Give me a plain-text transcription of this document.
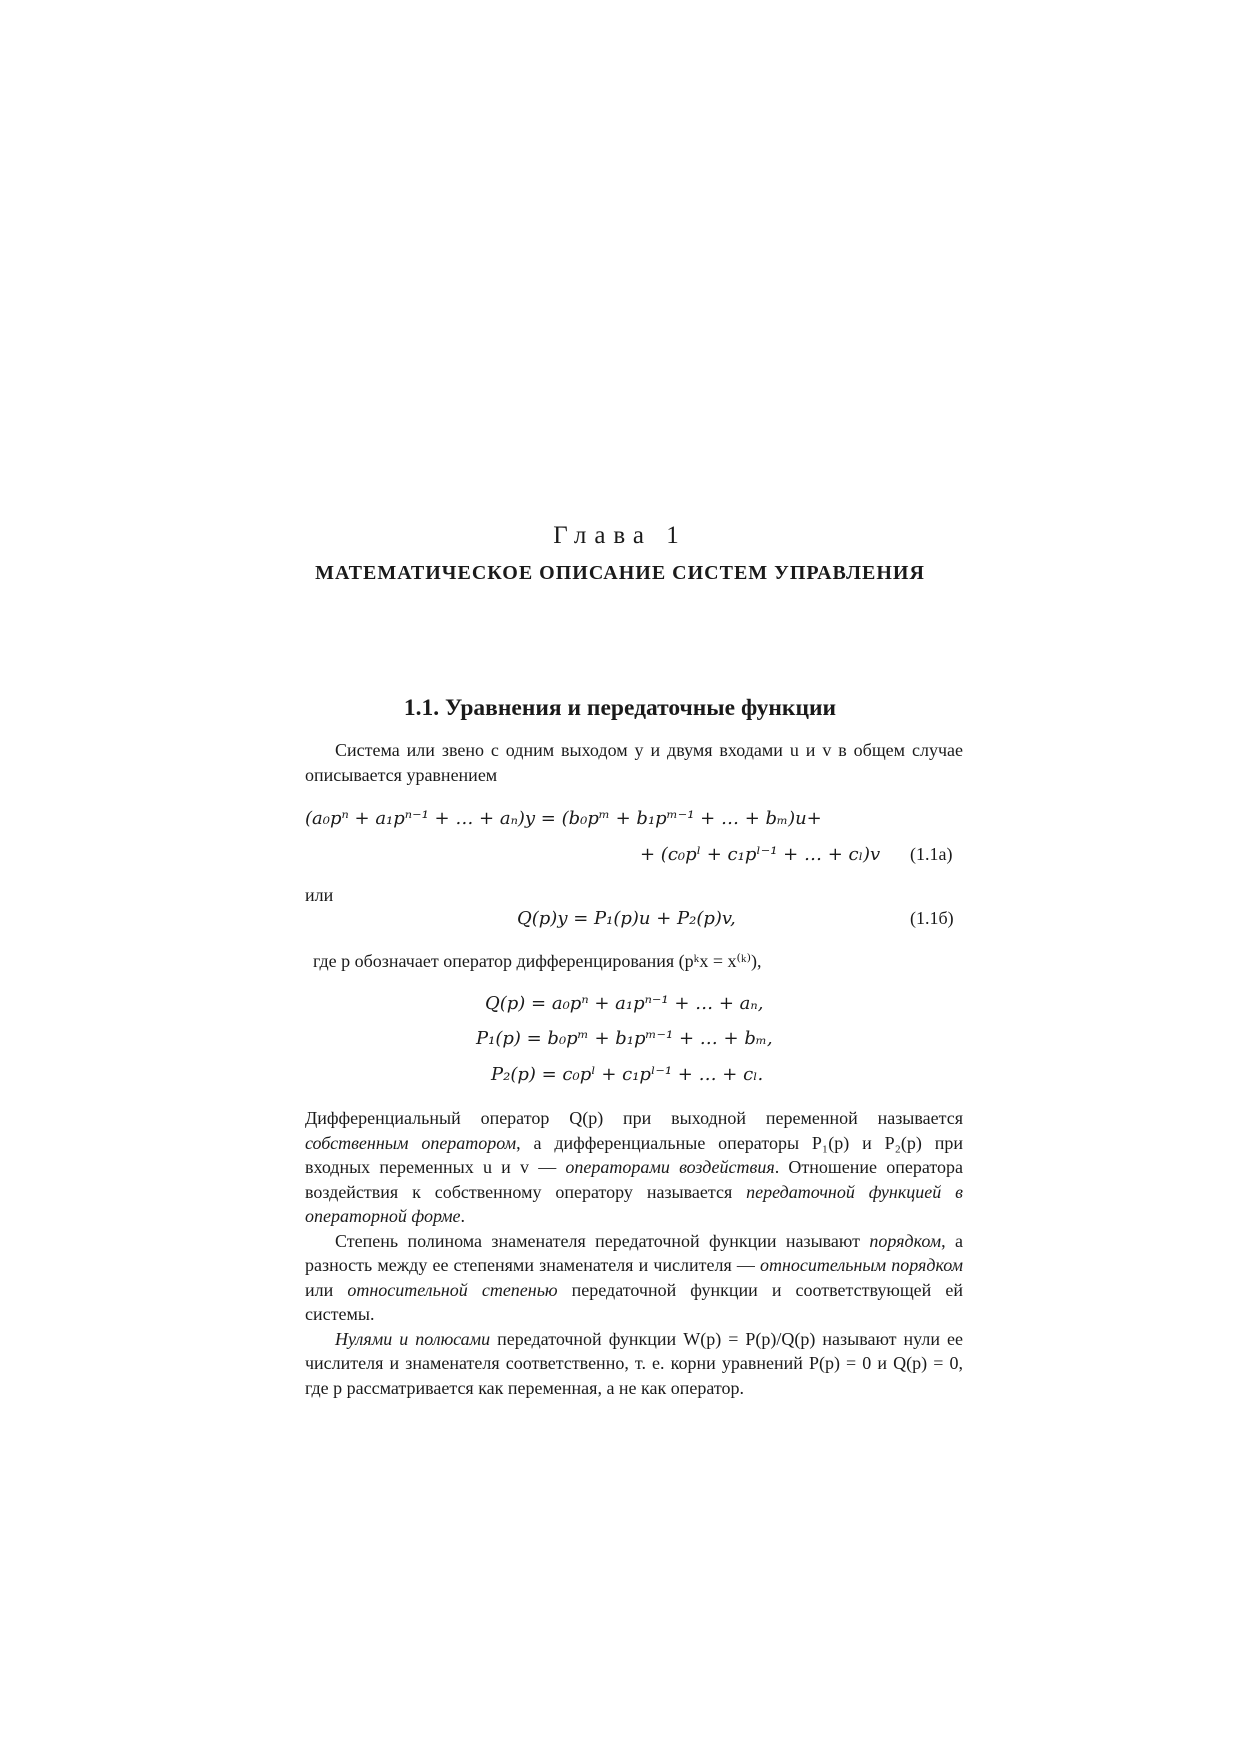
Глава 1
МАТЕМАТИЧЕСКОЕ ОПИСАНИЕ СИСТЕМ УПРАВЛЕНИЯ
1.1. Уравнения и передаточные функции
Система или звено с одним выходом y и двумя входами u и v в общем случае описывается уравнением
(a₀pⁿ + a₁pⁿ⁻¹ + … + aₙ)y = (b₀pᵐ + b₁pᵐ⁻¹ + … + bₘ)u+
+ (c₀pˡ + c₁pˡ⁻¹ + … + cₗ)v (1.1а)
или
Q(p)y = P₁(p)u + P₂(p)v,	(1.1б)
где p обозначает оператор дифференцирования (pᵏx = x⁽ᵏ⁾),
Q(p) = a₀pⁿ + a₁pⁿ⁻¹ + … + aₙ,
P₁(p) = b₀pᵐ + b₁pᵐ⁻¹ + … + bₘ,
P₂(p) = c₀pˡ + c₁pˡ⁻¹ + … + cₗ.

Дифференциальный оператор Q(p) при выходной переменной называется собственным оператором, а дифференциальные операторы P₁(p) и P₂(p) при входных переменных u и v — операторами воздействия. Отношение оператора воздействия к собственному оператору называется передаточной функцией в операторной форме.

Степень полинома знаменателя передаточной функции называют порядком, а разность между ее степенями знаменателя и числителя — относительным порядком или относительной степенью передаточной функции и соответствующей ей системы.

Нулями и полюсами передаточной функции W(p) = P(p)/Q(p) называют нули ее числителя и знаменателя соответственно, т. е. корни уравнений P(p) = 0 и Q(p) = 0, где p рассматривается как переменная, а не как оператор.
